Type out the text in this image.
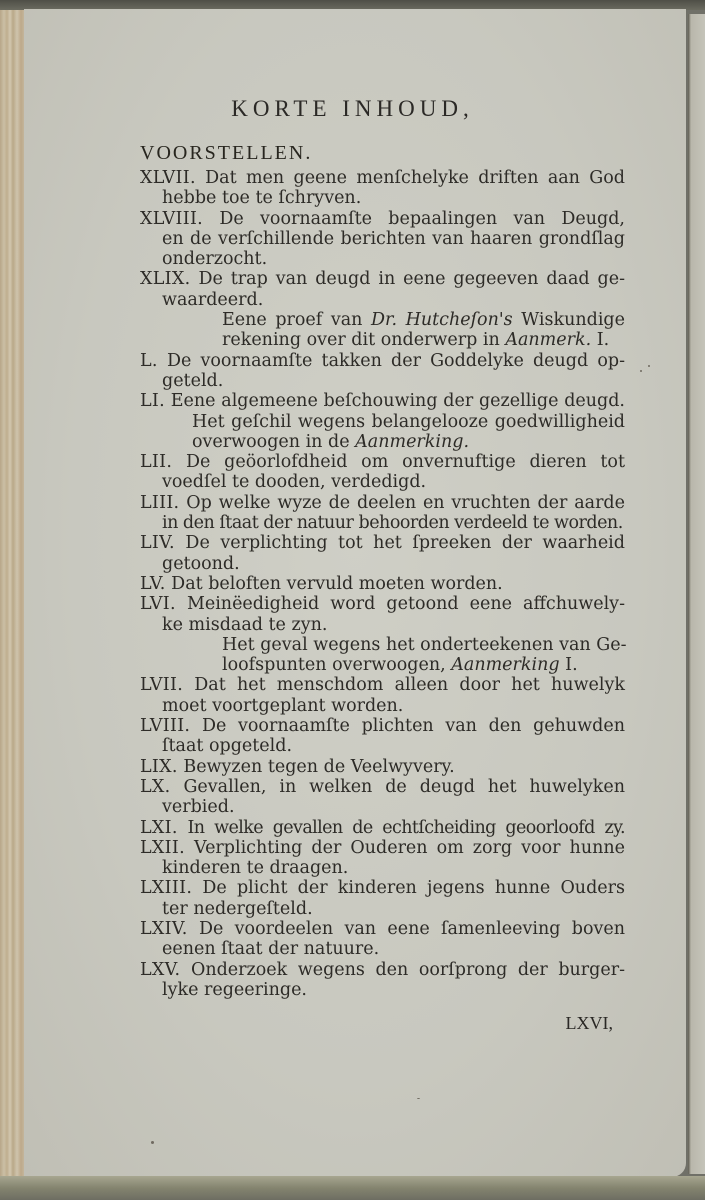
KORTE INHOUD,
VOORSTELLEN.
XLVII. Dat men geene menſchelyke driften aan God
hebbe toe te ſchryven.
XLVIII. De voornaamſte bepaalingen van Deugd,
en de verſchillende berichten van haaren grondſlag
onderzocht.
XLIX. De trap van deugd in eene gegeeven daad ge-
waardeerd.
Eene proef van Dr. Hutcheſon's Wiskundige
rekening over dit onderwerp in Aanmerk. I.
L. De voornaamſte takken der Goddelyke deugd op-
geteld.
LI. Eene algemeene beſchouwing der gezellige deugd.
Het geſchil wegens belangelooze goedwilligheid
overwoogen in de Aanmerking.
LII. De geöorlofdheid om onvernuftige dieren tot
voedſel te dooden, verdedigd.
LIII. Op welke wyze de deelen en vruchten der aarde
in den ſtaat der natuur behoorden verdeeld te worden.
LIV. De verplichting tot het ſpreeken der waarheid
getoond.
LV. Dat beloften vervuld moeten worden.
LVI. Meinëedigheid word getoond eene affchuwely-
ke misdaad te zyn.
Het geval wegens het onderteekenen van Ge-
loofspunten overwoogen, Aanmerking I.
LVII. Dat het menschdom alleen door het huwelyk
moet voortgeplant worden.
LVIII. De voornaamſte plichten van den gehuwden
ſtaat opgeteld.
LIX. Bewyzen tegen de Veelwyvery.
LX. Gevallen, in welken de deugd het huwelyken
verbied.
LXI. In welke gevallen de echtſcheiding geoorloofd zy.
LXII. Verplichting der Ouderen om zorg voor hunne
kinderen te draagen.
LXIII. De plicht der kinderen jegens hunne Ouders
ter nedergeſteld.
LXIV. De voordeelen van eene ſamenleeving boven
eenen ſtaat der natuure.
LXV. Onderzoek wegens den oorſprong der burger-
lyke regeeringe.
LXVI,
